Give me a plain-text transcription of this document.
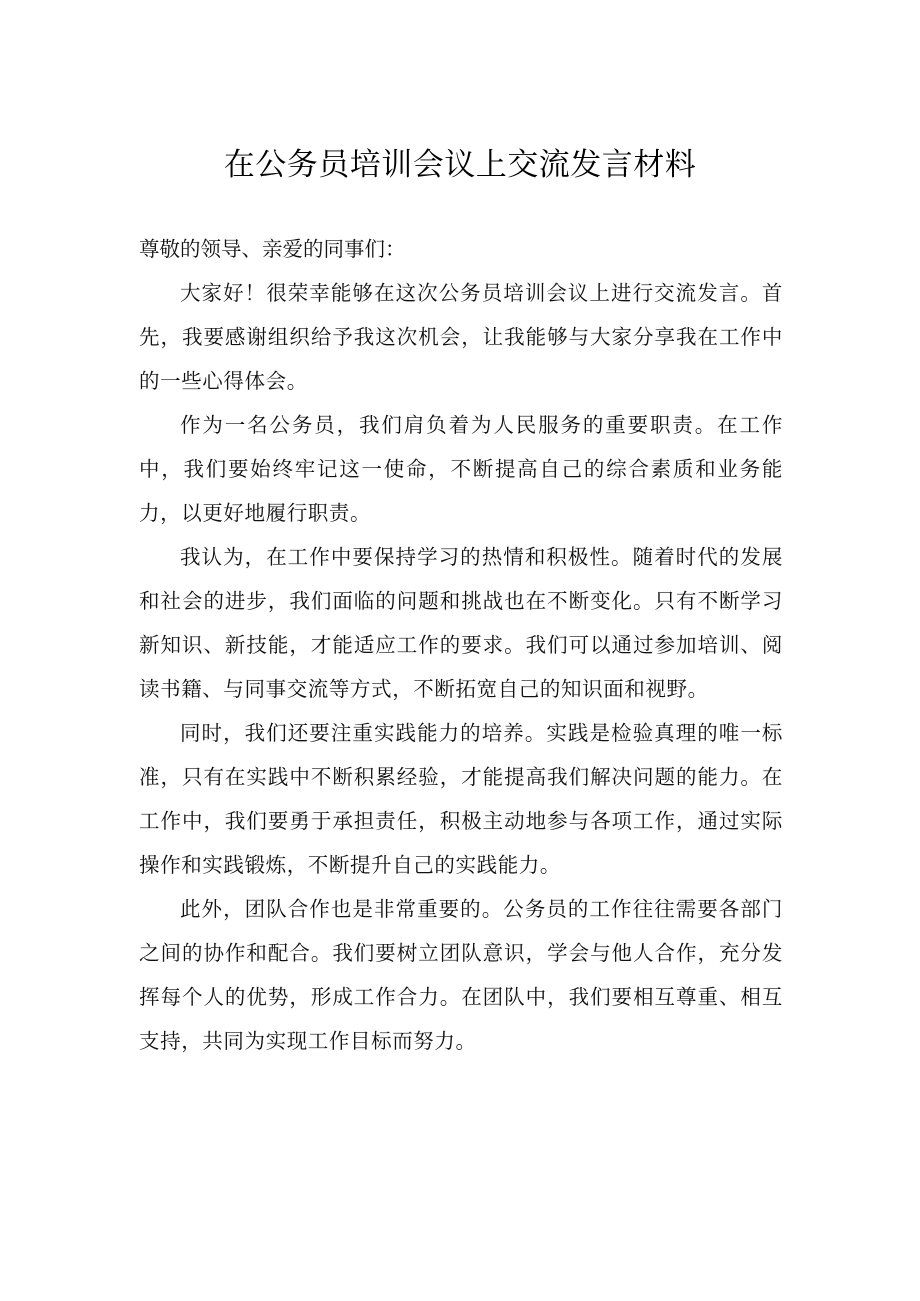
在公务员培训会议上交流发言材料

尊敬的领导、亲爱的同事们：

大家好！很荣幸能够在这次公务员培训会议上进行交流发言。首先，我要感谢组织给予我这次机会，让我能够与大家分享我在工作中的一些心得体会。

作为一名公务员，我们肩负着为人民服务的重要职责。在工作中，我们要始终牢记这一使命，不断提高自己的综合素质和业务能力，以更好地履行职责。

我认为，在工作中要保持学习的热情和积极性。随着时代的发展和社会的进步，我们面临的问题和挑战也在不断变化。只有不断学习新知识、新技能，才能适应工作的要求。我们可以通过参加培训、阅读书籍、与同事交流等方式，不断拓宽自己的知识面和视野。

同时，我们还要注重实践能力的培养。实践是检验真理的唯一标准，只有在实践中不断积累经验，才能提高我们解决问题的能力。在工作中，我们要勇于承担责任，积极主动地参与各项工作，通过实际操作和实践锻炼，不断提升自己的实践能力。

此外，团队合作也是非常重要的。公务员的工作往往需要各部门之间的协作和配合。我们要树立团队意识，学会与他人合作，充分发挥每个人的优势，形成工作合力。在团队中，我们要相互尊重、相互支持，共同为实现工作目标而努力。
